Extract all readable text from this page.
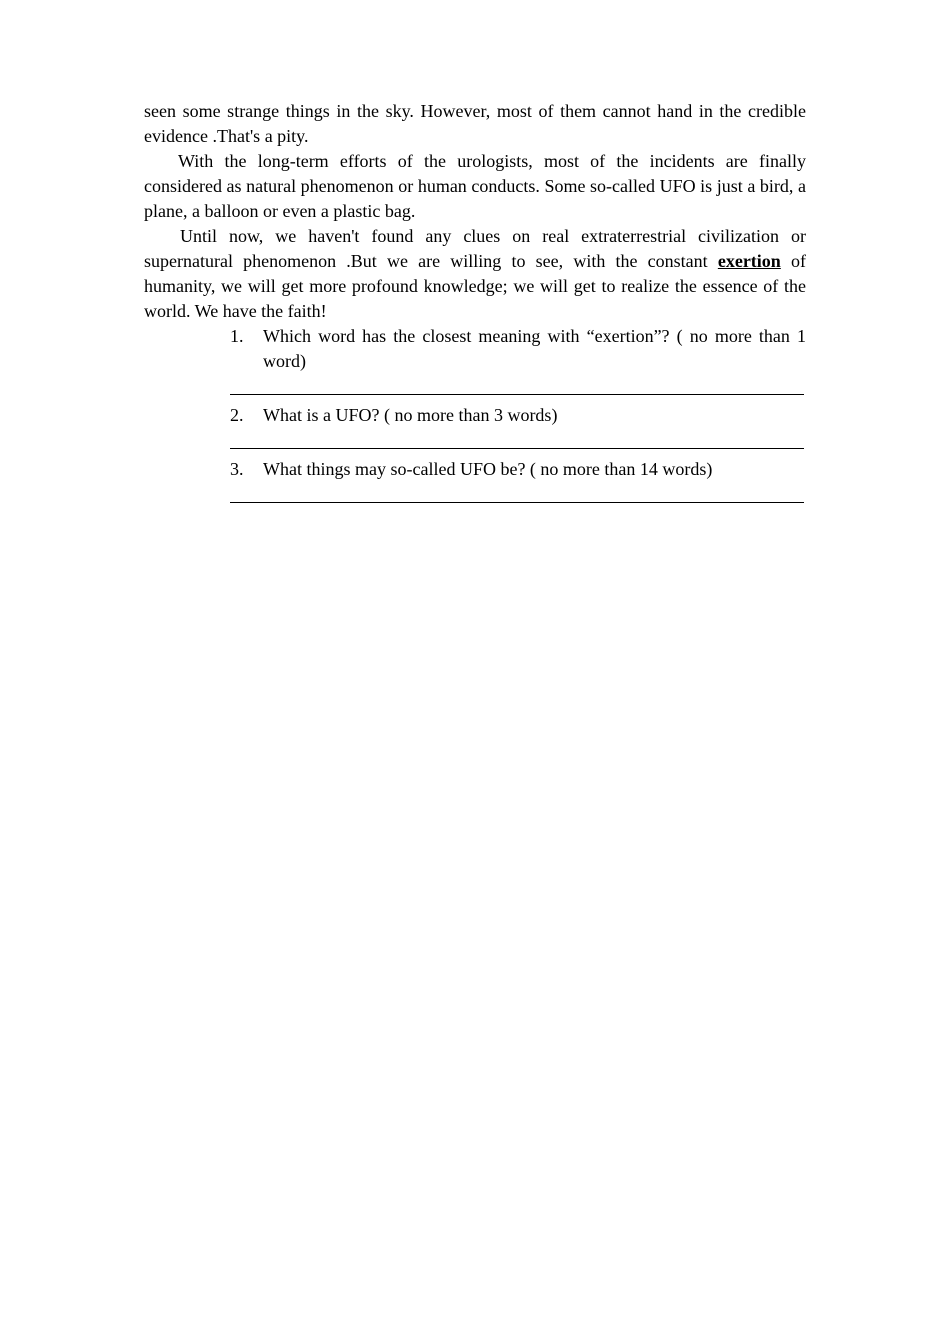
seen some strange things in the sky. However, most of them cannot hand in the credible evidence .That's a pity.

With the long-term efforts of the urologists, most of the incidents are finally considered as natural phenomenon or human conducts. Some so-called UFO is just a bird, a plane, a balloon or even a plastic bag.

Until now, we haven't found any clues on real extraterrestrial civilization or supernatural phenomenon .But we are willing to see, with the constant exertion of humanity, we will get more profound knowledge; we will get to realize the essence of the world. We have the faith!

1. Which word has the closest meaning with “exertion”? ( no more than 1 word)
2. What is a UFO? ( no more than 3 words)
3. What things may so-called UFO be? ( no more than 14 words)
